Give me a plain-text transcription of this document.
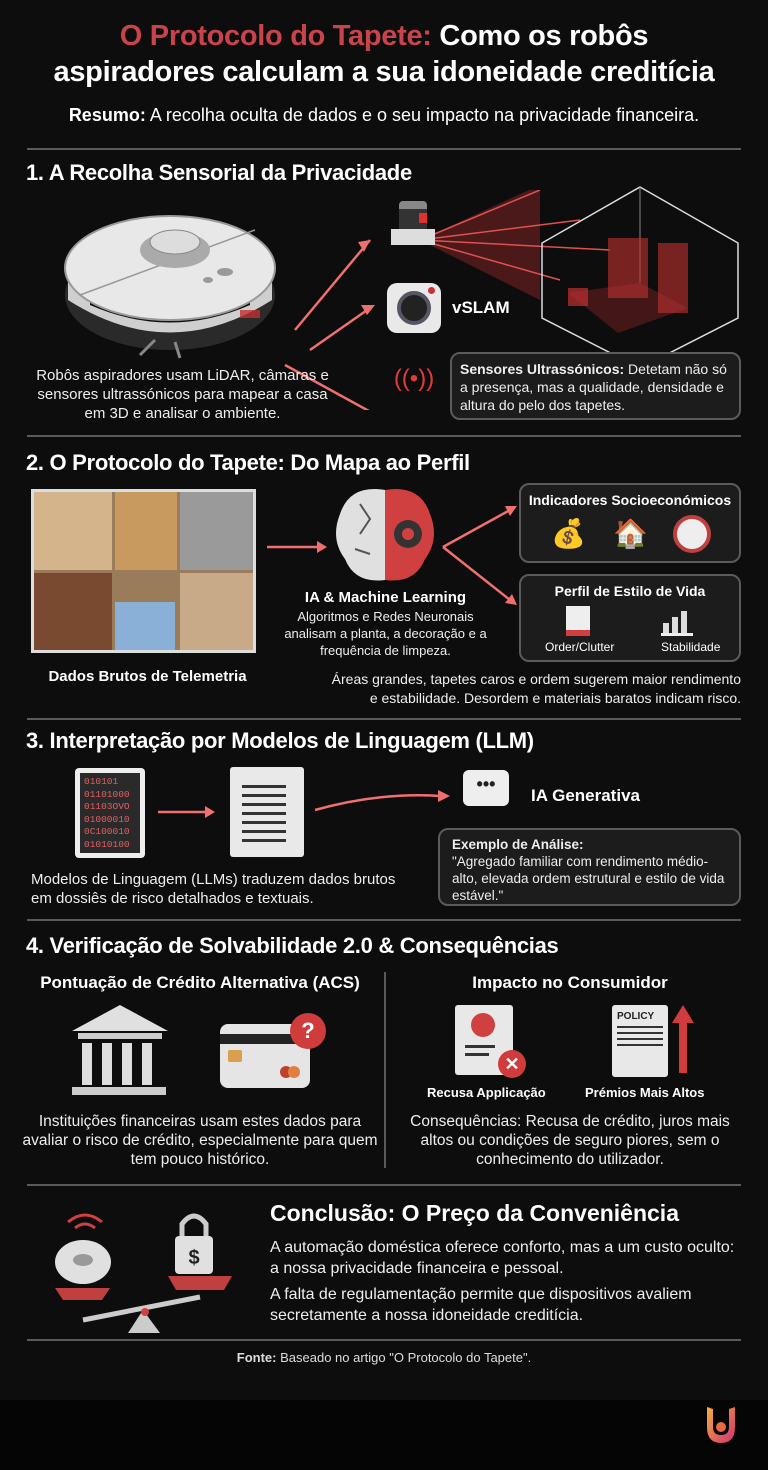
O Protocolo do Tapete: Como os robôs
aspiradores calculam a sua idoneidade creditícia
Resumo: A recolha oculta de dados e o seu impacto na privacidade financeira.
1. A Recolha Sensorial da Privacidade
vSLAM
((•))
Robôs aspiradores usam LiDAR, câmaras e sensores ultrassónicos para mapear a casa em 3D e analisar o ambiente.
Sensores Ultrassónicos: Detetam não só a presença, mas a qualidade, densidade e altura do pelo dos tapetes.
2. O Protocolo do Tapete: Do Mapa ao Perfil
Dados Brutos de Telemetria
IA & Machine Learning
Algoritmos e Redes Neuronais analisam a planta, a decoração e a frequência de limpeza.
Indicadores Socioeconómicos
💰 🏠
Perfil de Estilo de Vida
Order/Clutter	Stabilidade
Áreas grandes, tapetes caros e ordem sugerem maior rendimento
e estabilidade. Desordem e materiais baratos indicam risco.
3. Interpretação por Modelos de Linguagem (LLM)
010101
01101000
01103OVO
01000010
0C100010
01010100
•••
IA Generativa
Modelos de Linguagem (LLMs) traduzem dados brutos em dossiês de risco detalhados e textuais.
Exemplo de Análise:
"Agregado familiar com rendimento médio-alto, elevada ordem estrutural e estilo de vida estável."
4. Verificação de Solvabilidade 2.0 & Consequências
Pontuação de Crédito Alternativa (ACS)
?
Instituições financeiras usam estes dados para avaliar o risco de crédito, especialmente para quem tem pouco histórico.
Impacto no Consumidor
✕
POLICY
Recusa Applicação	Prémios Mais Altos
Consequências: Recusa de crédito, juros mais altos ou condições de seguro piores, sem o conhecimento do utilizador.
$
Conclusão: O Preço da Conveniência
A automação doméstica oferece conforto, mas a um custo oculto: a nossa privacidade financeira e pessoal.
A falta de regulamentação permite que dispositivos avaliem secretamente a nossa idoneidade creditícia.
Fonte: Baseado no artigo "O Protocolo do Tapete".
